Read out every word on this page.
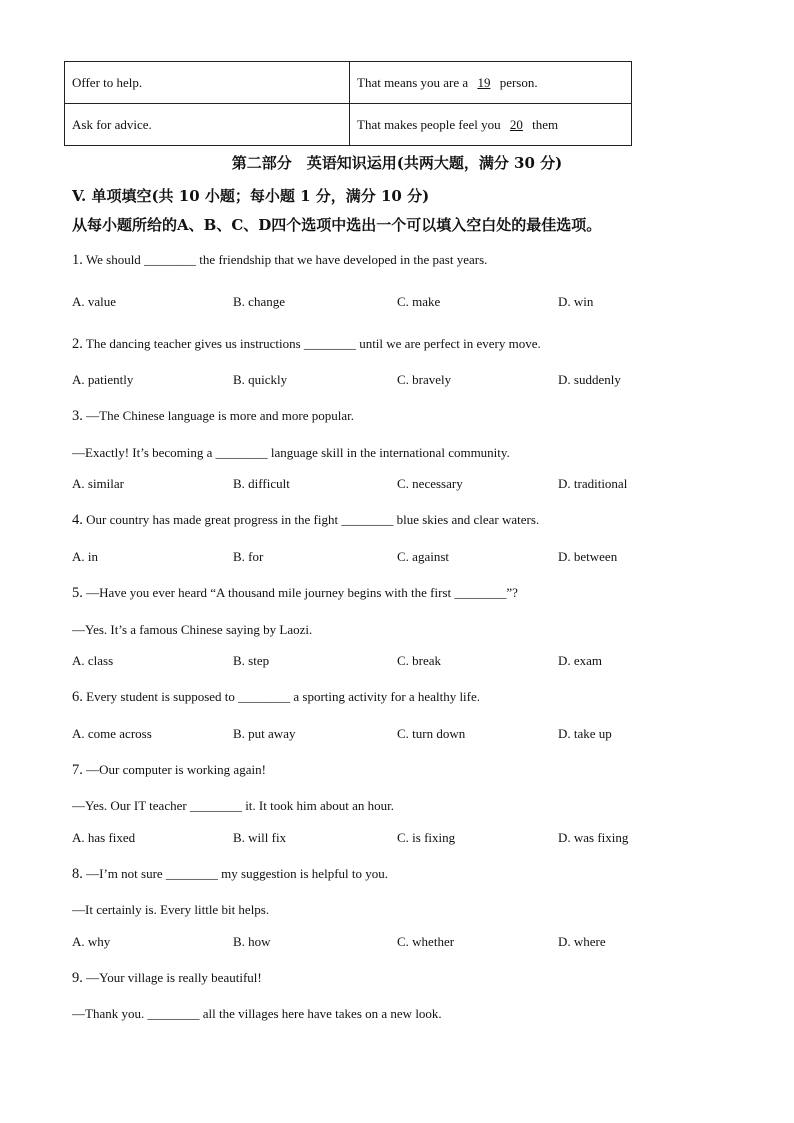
Offer to help.	That means you are a 19 person.
Ask for advice.	That makes people feel you 20 them
第二部分　英语知识运用(共两大题，满分 30 分)
V. 单项填空(共 10 小题；每小题 1 分，满分 10 分)
从每小题所给的A、B、C、D四个选项中选出一个可以填入空白处的最佳选项。
1. We should ________ the friendship that we have developed in the past years.
A. value	B. change	C. make	D. win
2. The dancing teacher gives us instructions ________ until we are perfect in every move.
A. patiently	B. quickly	C. bravely	D. suddenly
3. —The Chinese language is more and more popular.
—Exactly! It’s becoming a ________ language skill in the international community.
A. similar	B. difficult	C. necessary	D. traditional
4. Our country has made great progress in the fight ________ blue skies and clear waters.
A. in	B. for	C. against	D. between
5. —Have you ever heard “A thousand mile journey begins with the first ________”?
—Yes. It’s a famous Chinese saying by Laozi.
A. class	B. step	C. break	D. exam
6. Every student is supposed to ________ a sporting activity for a healthy life.
A. come across	B. put away	C. turn down	D. take up
7. —Our computer is working again!
—Yes. Our IT teacher ________ it. It took him about an hour.
A. has fixed	B. will fix	C. is fixing	D. was fixing
8. —I’m not sure ________ my suggestion is helpful to you.
—It certainly is. Every little bit helps.
A. why	B. how	C. whether	D. where
9. —Your village is really beautiful!
—Thank you. ________ all the villages here have takes on a new look.
